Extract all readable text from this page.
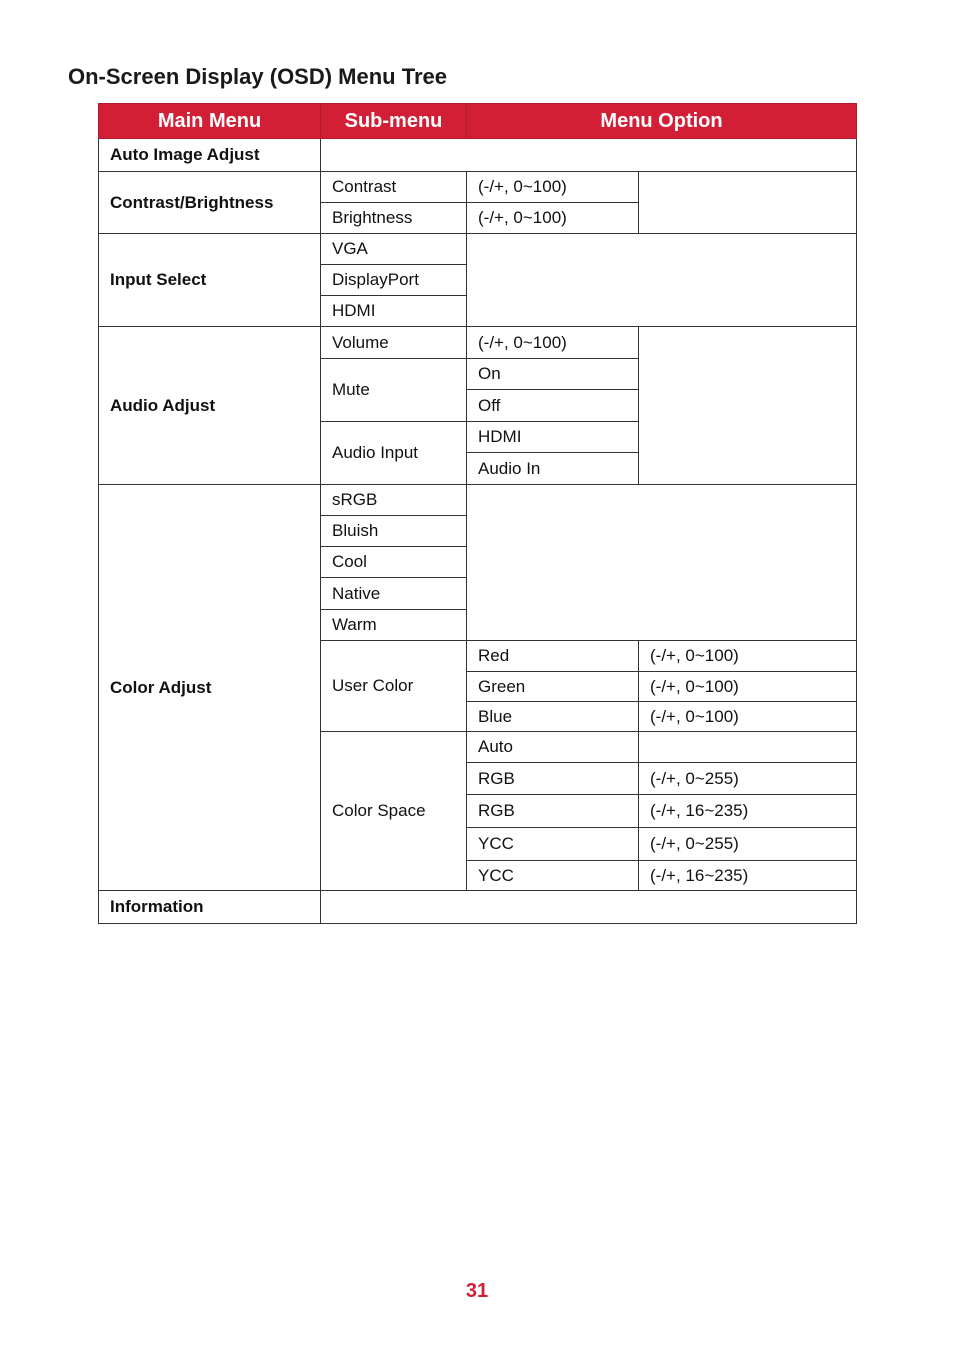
On-Screen Display (OSD) Menu Tree
Main Menu	Sub-menu	Menu Option	
Auto Image Adjust			
Contrast/Brightness	Contrast	(-/+, 0~100)	
	Brightness	(-/+, 0~100)	
Input Select	VGA		
	DisplayPort		
	HDMI		
Audio Adjust	Volume	(-/+, 0~100)	
	Mute	On	
		Off	
	Audio Input	HDMI	
		Audio In	
Color Adjust	sRGB		
	Bluish		
	Cool		
	Native		
	Warm		
	User Color	Red	(-/+, 0~100)
		Green	(-/+, 0~100)
		Blue	(-/+, 0~100)
	Color Space	Auto	
		RGB	(-/+, 0~255)
		RGB	(-/+, 16~235)
		YCC	(-/+, 0~255)
		YCC	(-/+, 16~235)
Information			
31
